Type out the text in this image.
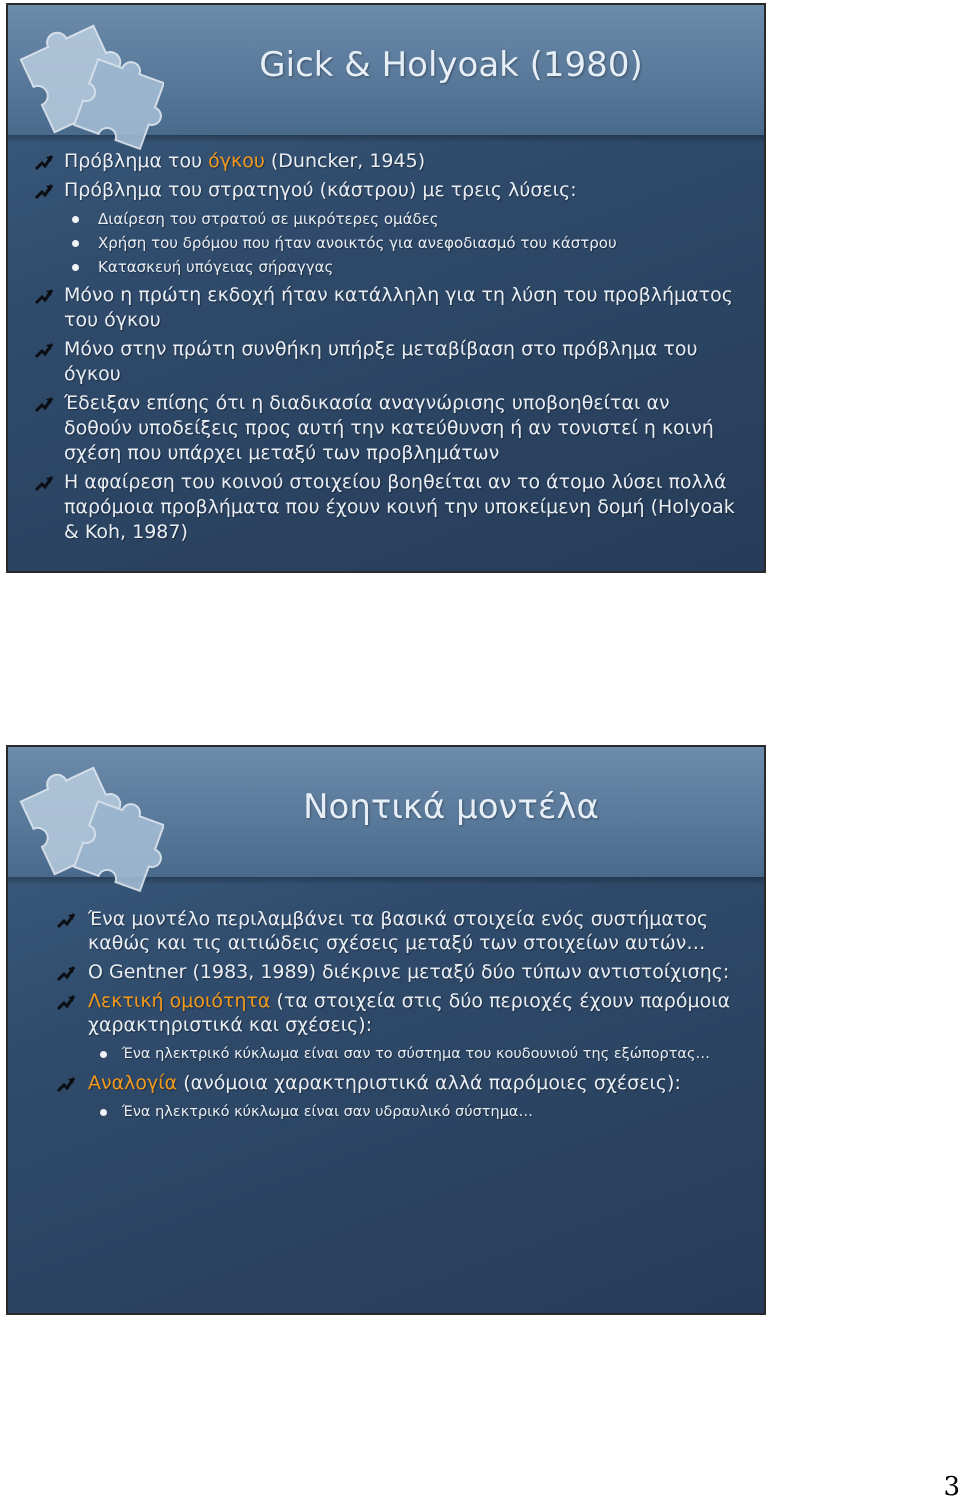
Gick & Holyoak (1980)
Πρόβλημα του όγκου (Duncker, 1945)
Πρόβλημα του στρατηγού (κάστρου) με τρεις λύσεις:
Διαίρεση του στρατού σε μικρότερες ομάδες
Χρήση του δρόμου που ήταν ανοικτός για ανεφοδιασμό του κάστρου
Κατασκευή υπόγειας σήραγγας
Μόνο η πρώτη εκδοχή ήταν κατάλληλη για τη λύση του προβλήματος του όγκου
Μόνο στην πρώτη συνθήκη υπήρξε μεταβίβαση στο πρόβλημα του όγκου
Έδειξαν επίσης ότι η διαδικασία αναγνώρισης υποβοηθείται αν δοθούν υποδείξεις προς αυτή την κατεύθυνση ή αν τονιστεί η κοινή σχέση που υπάρχει μεταξύ των προβλημάτων
Η αφαίρεση του κοινού στοιχείου βοηθείται αν το άτομο λύσει πολλά παρόμοια προβλήματα που έχουν κοινή την υποκείμενη δομή (Holyoak & Koh, 1987)
Νοητικά μοντέλα
Ένα μοντέλο περιλαμβάνει τα βασικά στοιχεία ενός συστήματος καθώς και τις αιτιώδεις σχέσεις μεταξύ των στοιχείων αυτών…
Ο Gentner (1983, 1989) διέκρινε μεταξύ δύο τύπων αντιστοίχισης:
Λεκτική ομοιότητα (τα στοιχεία στις δύο περιοχές έχουν παρόμοια χαρακτηριστικά και σχέσεις):
Ένα ηλεκτρικό κύκλωμα είναι σαν το σύστημα του κουδουνιού της εξώπορτας…
Αναλογία (ανόμοια χαρακτηριστικά αλλά παρόμοιες σχέσεις):
Ένα ηλεκτρικό κύκλωμα είναι σαν υδραυλικό σύστημα…
3
